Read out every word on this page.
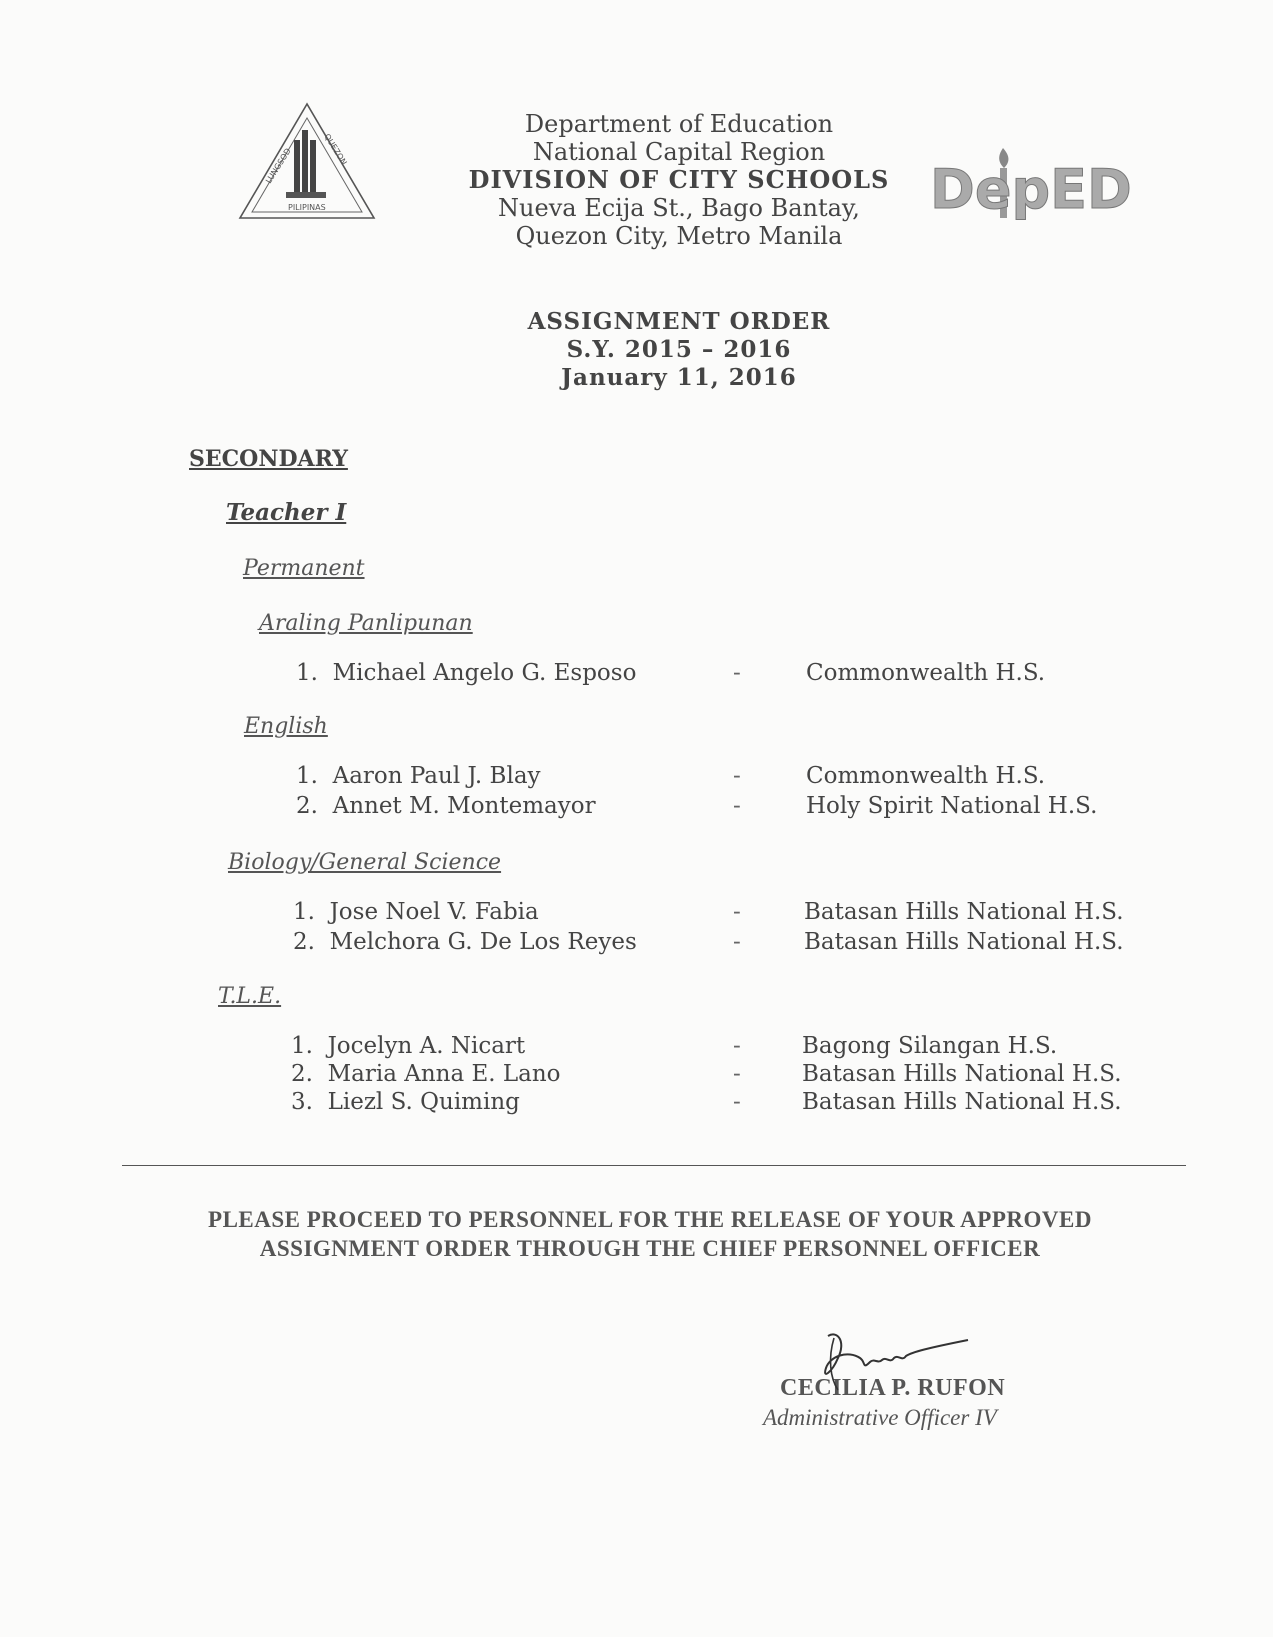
LUNGSOD	QUEZON
PILIPINAS
Department of Education
National Capital Region
DIVISION OF CITY SCHOOLS
Nueva Ecija St., Bago Bantay,
Quezon City, Metro Manila
DepED
ASSIGNMENT ORDER
S.Y. 2015 – 2016
January 11, 2016
SECONDARY
Teacher I
Permanent
Araling Panlipunan
1. Michael Angelo G. Esposo	-	Commonwealth H.S.
English
1. Aaron Paul J. Blay	-	Commonwealth H.S.
2. Annet M. Montemayor	-	Holy Spirit National H.S.
Biology/General Science
1. Jose Noel V. Fabia	-	Batasan Hills National H.S.
2. Melchora G. De Los Reyes	-	Batasan Hills National H.S.
T.L.E.
1. Jocelyn A. Nicart	-	Bagong Silangan H.S.
2. Maria Anna E. Lano	-	Batasan Hills National H.S.
3. Liezl S. Quiming	-	Batasan Hills National H.S.
PLEASE PROCEED TO PERSONNEL FOR THE RELEASE OF YOUR APPROVED
ASSIGNMENT ORDER THROUGH THE CHIEF PERSONNEL OFFICER
CECILIA P. RUFON
Administrative Officer IV
